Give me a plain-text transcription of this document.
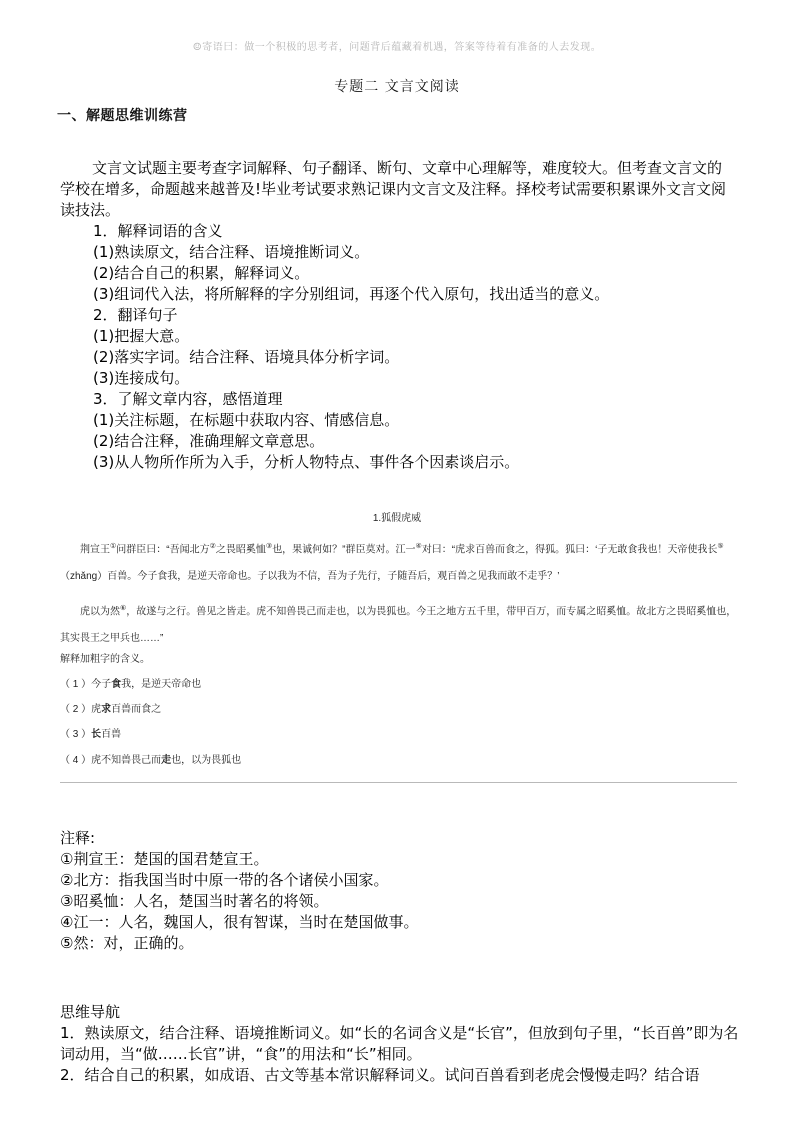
☺寄语曰：做一个积极的思考者，问题背后蕴藏着机遇，答案等待着有准备的人去发现。
专题二 文言文阅读
一、解题思维训练营
文言文试题主要考查字词解释、句子翻译、断句、文章中心理解等，难度较大。但考查文言文的学校在增多，命题越来越普及!毕业考试要求熟记课内文言文及注释。择校考试需要积累课外文言文阅读技法。
1．解释词语的含义
(1)熟读原文，结合注释、语境推断词义。
(2)结合自己的积累，解释词义。
(3)组词代入法，将所解释的字分别组词，再逐个代入原句，找出适当的意义。
2．翻译句子
(1)把握大意。
(2)落实字词。结合注释、语境具体分析字词。
(3)连接成句。
3．了解文章内容，感悟道理
(1)关注标题，在标题中获取内容、情感信息。
(2)结合注释，准确理解文章意思。
(3)从人物所作所为入手，分析人物特点、事件各个因素谈启示。
1.狐假虎威
荆宣王①问群臣曰：“吾闻北方②之畏昭奚恤③也，果诚何如？”群臣莫对。江一④对曰：“虎求百兽而食之，得狐。狐曰：‘子无敢食我也！天帝使我长⑤（zhǎng）百兽。今子食我，是逆天帝命也。子以我为不信，吾为子先行，子随吾后，观百兽之见我而敢不走乎？’
虎以为然⑥，故遂与之行。兽见之皆走。虎不知兽畏己而走也，以为畏狐也。今王之地方五千里，带甲百万，而专属之昭奚恤。故北方之畏昭奚恤也，其实畏王之甲兵也……”
解释加粗字的含义。
（ 1 ）今子食我，是逆天帝命也
（ 2 ）虎求百兽而食之
（ 3 ）长百兽
（ 4 ）虎不知兽畏己而走也，以为畏狐也
注释:
①荆宣王：楚国的国君楚宣王。
②北方：指我国当时中原一带的各个诸侯小国家。
③昭奚恤：人名，楚国当时著名的将领。
④江一：人名，魏国人，很有智谋，当时在楚国做事。
⑤然：对，正确的。
思维导航
1．熟读原文，结合注释、语境推断词义。如“长的名词含义是“长官”，但放到句子里，“长百兽”即为名词动用，当“做……长官”讲，“食”的用法和“长”相同。
2．结合自己的积累，如成语、古文等基本常识解释词义。试问百兽看到老虎会慢慢走吗？结合语
